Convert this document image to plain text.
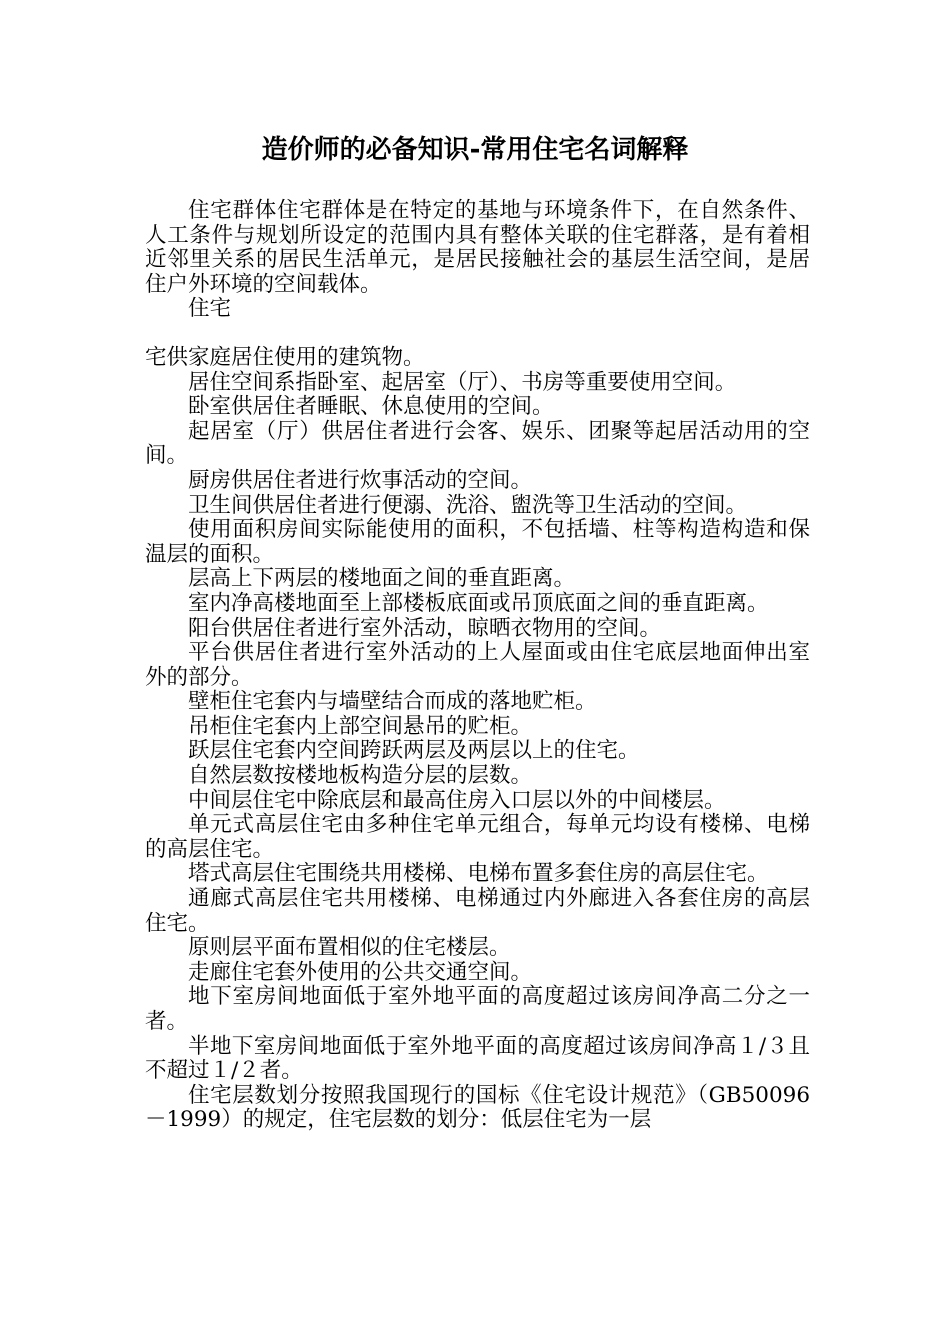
造价师的必备知识-常用住宅名词解释

住宅群体住宅群体是在特定的基地与环境条件下，在自然条件、人工条件与规划所设定的范围内具有整体关联的住宅群落，是有着相近邻里关系的居民生活单元，是居民接触社会的基层生活空间，是居住户外环境的空间载体。

住宅

宅供家庭居住使用的建筑物。

居住空间系指卧室、起居室（厅）、书房等重要使用空间。

卧室供居住者睡眠、休息使用的空间。

起居室（厅）供居住者进行会客、娱乐、团聚等起居活动用的空间。

厨房供居住者进行炊事活动的空间。

卫生间供居住者进行便溺、洗浴、盥洗等卫生活动的空间。

使用面积房间实际能使用的面积，不包括墙、柱等构造构造和保温层的面积。

层高上下两层的楼地面之间的垂直距离。

室内净高楼地面至上部楼板底面或吊顶底面之间的垂直距离。

阳台供居住者进行室外活动，晾晒衣物用的空间。

平台供居住者进行室外活动的上人屋面或由住宅底层地面伸出室外的部分。

壁柜住宅套内与墙壁结合而成的落地贮柜。

吊柜住宅套内上部空间悬吊的贮柜。

跃层住宅套内空间跨跃两层及两层以上的住宅。

自然层数按楼地板构造分层的层数。

中间层住宅中除底层和最高住房入口层以外的中间楼层。

单元式高层住宅由多种住宅单元组合，每单元均设有楼梯、电梯的高层住宅。

塔式高层住宅围绕共用楼梯、电梯布置多套住房的高层住宅。

通廊式高层住宅共用楼梯、电梯通过内外廊进入各套住房的高层住宅。

原则层平面布置相似的住宅楼层。

走廊住宅套外使用的公共交通空间。

地下室房间地面低于室外地平面的高度超过该房间净高二分之一者。

半地下室房间地面低于室外地平面的高度超过该房间净高１/３且不超过１/２者。

住宅层数划分按照我国现行的国标《住宅设计规范》（GB50096－1999）的规定，住宅层数的划分：低层住宅为一层
